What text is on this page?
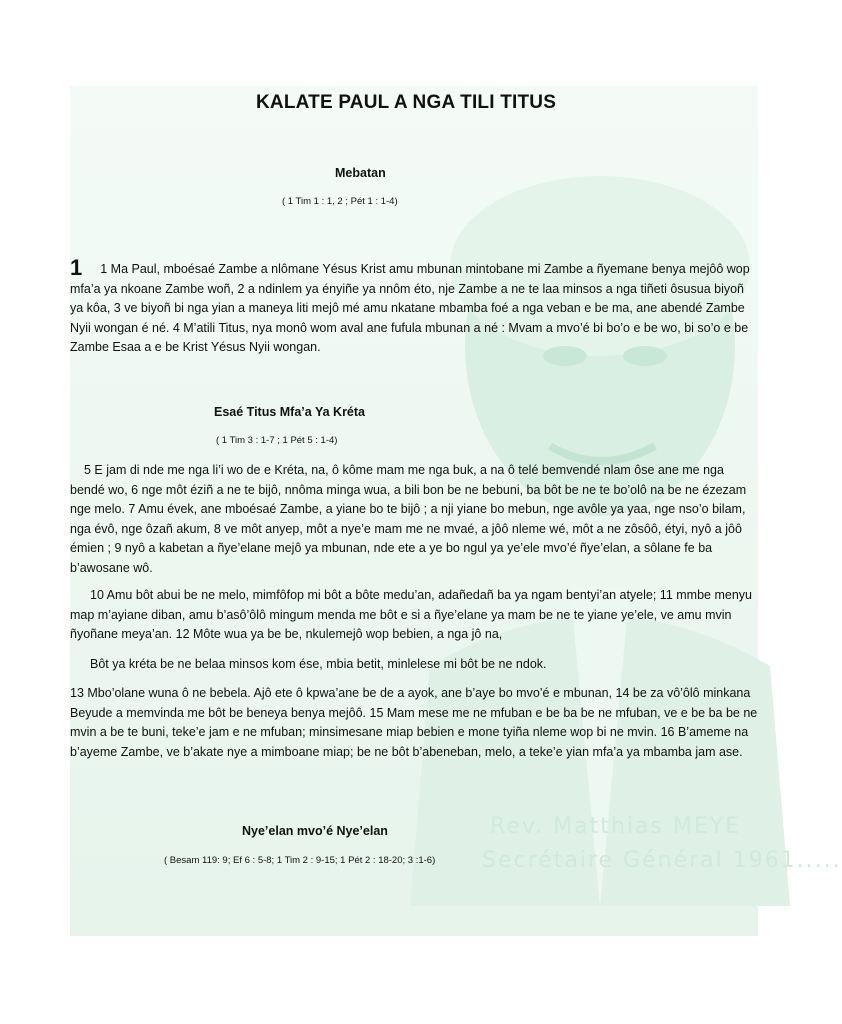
Rev. Matthias MEYE
Secrétaire Général 1961.....
KALATE PAUL A NGA TILI TITUS

Mebatan

( 1 Tim 1 : 1, 2 ; Pét 1 : 1-4)

1 1 Ma Paul, mboésaé Zambe a nlômane Yésus Krist amu mbunan mintobane mi Zambe a ñyemane benya mejôô wop mfa’a ya nkoane Zambe woñ, 2 a ndinlem ya ényiñe ya nnôm éto, nje Zambe a ne te laa minsos a nga tiñeti ôsusua biyoñ ya kôa, 3 ve biyoñ bi nga yian a maneya liti mejô mé amu nkatane mbamba foé a nga veban e be ma, ane abendé Zambe Nyii wongan é né. 4 M’atili Titus, nya monô wom aval ane fufula mbunan a né : Mvam a mvo’é bi bo’o e be wo, bi so’o e be Zambe Esaa a e be Krist Yésus Nyii wongan.

Esaé Titus Mfa’a Ya Kréta

( 1 Tim 3 : 1-7 ; 1 Pét 5 : 1-4)

5 E jam di nde me nga li’i wo de e Kréta, na, ô kôme mam me nga buk, a na ô telé bemvendé nlam ôse ane me nga bendé wo, 6 nge môt éziñ a ne te bijô, nnôma minga wua, a bili bon be ne bebuni, ba bôt be ne te bo’olô na be ne ézezam nge melo. 7 Amu évek, ane mboésaé Zambe, a yiane bo te bijô ; a nji yiane bo mebun, nge avôle ya yaa, nge nso’o bilam, nga évô, nge ôzañ akum, 8 ve môt anyep, môt a nye’e mam me ne mvaé, a jôô nleme wé, môt a ne zôsôô, étyi, nyô a jôô émien ; 9 nyô a kabetan a ñye’elane mejô ya mbunan, nde ete a ye bo ngul ya ye’ele mvo’é ñye’elan, a sôlane fe ba b’awosane wô.

10 Amu bôt abui be ne melo, mimfôfop mi bôt a bôte medu’an, adañedañ ba ya ngam bentyi’an atyele; 11 mmbe menyu map m’ayiane diban, amu b’asô’ôlô mingum menda me bôt e si a ñye’elane ya mam be ne te yiane ye’ele, ve amu mvin ñyoñane meya’an. 12 Môte wua ya be be, nkulemejô wop bebien, a nga jô na,

Bôt ya kréta be ne belaa minsos kom ése, mbia betit, minlelese mi bôt be ne ndok.

13 Mbo’olane wuna ô ne bebela. Ajô ete ô kpwa’ane be de a ayok, ane b’aye bo mvo’é e mbunan, 14 be za vô’ôlô minkana Beyude a memvinda me bôt be beneya benya mejôô. 15 Mam mese me ne mfuban e be ba be ne mfuban, ve e be ba be ne mvin a be te buni, teke’e jam e ne mfuban; minsimesane miap bebien e mone tyiña nleme wop bi ne mvin. 16 B’ameme na b’ayeme Zambe, ve b’akate nye a mimboane miap; be ne bôt b’abeneban, melo, a teke’e yian mfa’a ya mbamba jam ase.

Nye’elan mvo’é Nye’elan

( Besam 119: 9; Ef 6 : 5-8; 1 Tim 2 : 9-15; 1 Pét 2 : 18-20; 3 :1-6)
